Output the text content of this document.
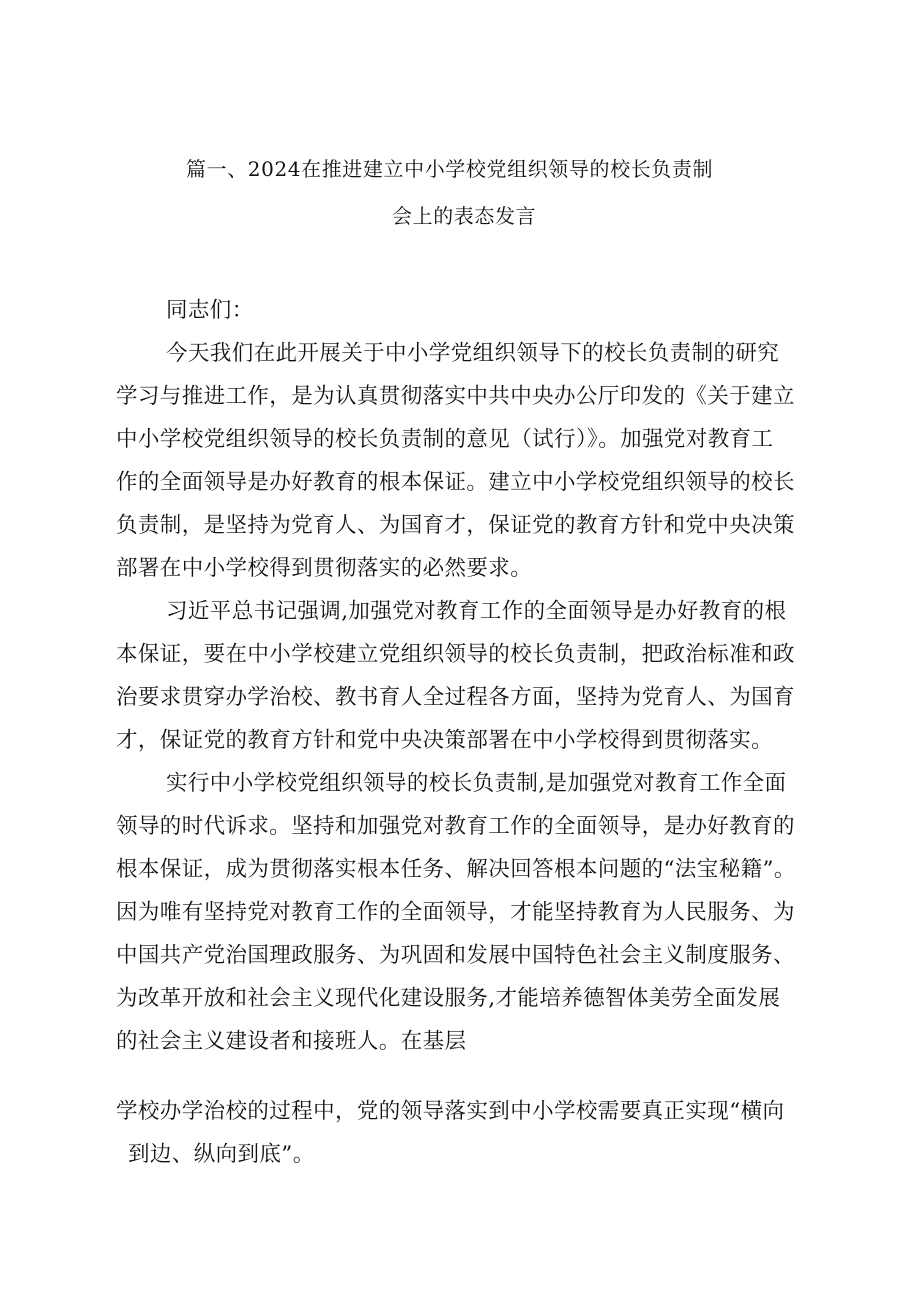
篇一、2024在推进建立中小学校党组织领导的校长负责制
会上的表态发言
同志们：
今天我们在此开展关于中小学党组织领导下的校长负责制的研究
学习与推进工作，是为认真贯彻落实中共中央办公厅印发的《关于建立
中小学校党组织领导的校长负责制的意见（试行）》。加强党对教育工
作的全面领导是办好教育的根本保证。建立中小学校党组织领导的校长
负责制，是坚持为党育人、为国育才，保证党的教育方针和党中央决策
部署在中小学校得到贯彻落实的必然要求。
习近平总书记强调,加强党对教育工作的全面领导是办好教育的根
本保证，要在中小学校建立党组织领导的校长负责制，把政治标准和政
治要求贯穿办学治校、教书育人全过程各方面，坚持为党育人、为国育
才，保证党的教育方针和党中央决策部署在中小学校得到贯彻落实。
实行中小学校党组织领导的校长负责制,是加强党对教育工作全面
领导的时代诉求。坚持和加强党对教育工作的全面领导，是办好教育的
根本保证，成为贯彻落实根本任务、解决回答根本问题的“法宝秘籍”。
因为唯有坚持党对教育工作的全面领导，才能坚持教育为人民服务、为
中国共产党治国理政服务、为巩固和发展中国特色社会主义制度服务、
为改革开放和社会主义现代化建设服务,才能培养德智体美劳全面发展
的社会主义建设者和接班人。在基层
学校办学治校的过程中，党的领导落实到中小学校需要真正实现“横向
到边、纵向到底”。
